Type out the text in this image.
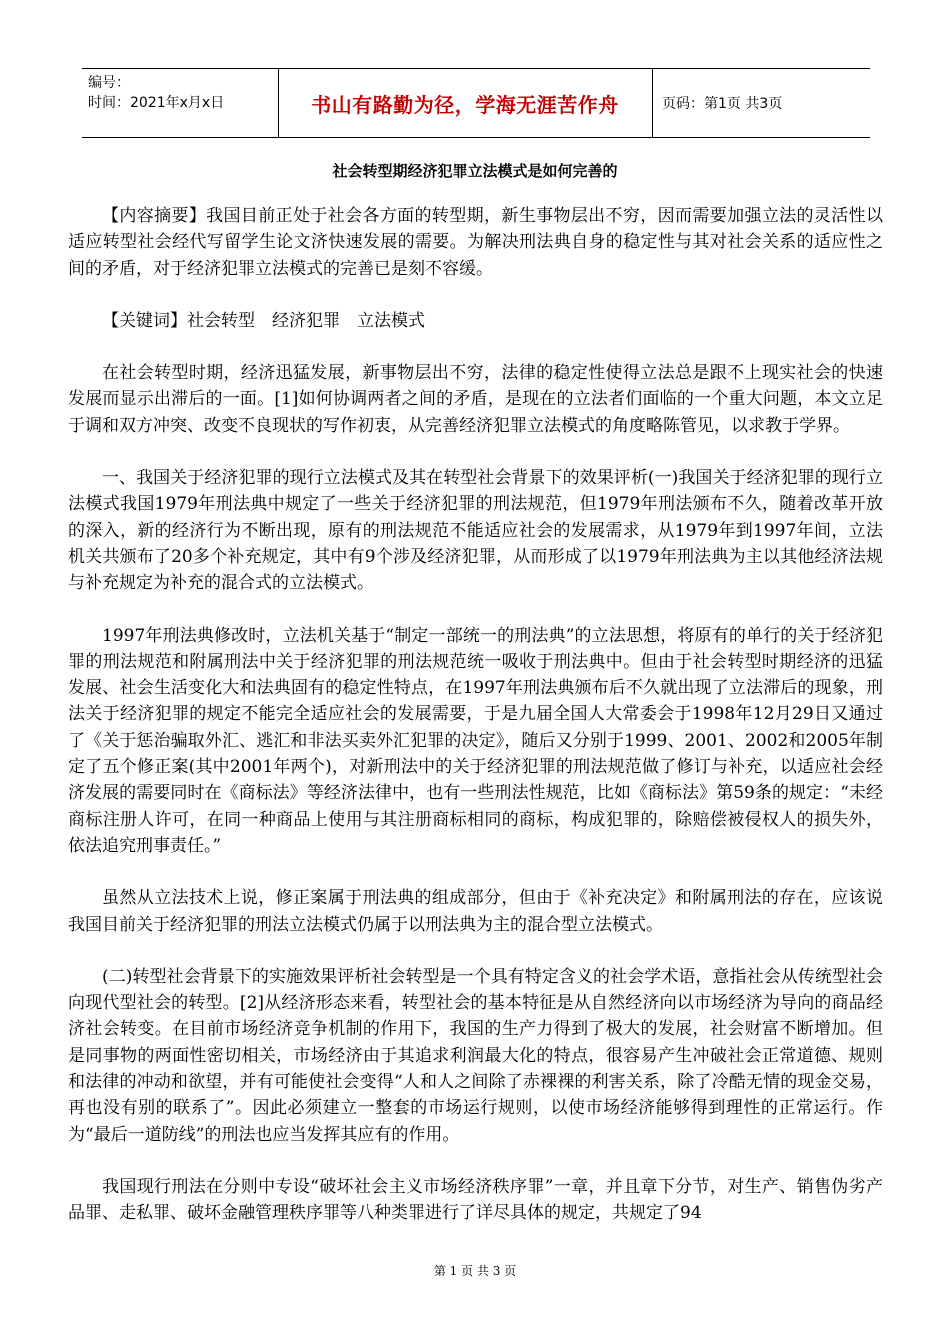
编号：
时间：2021年x月x日	书山有路勤为径，学海无涯苦作舟	页码：第1页 共3页
社会转型期经济犯罪立法模式是如何完善的

【内容摘要】我国目前正处于社会各方面的转型期，新生事物层出不穷，因而需要加强立法的灵活性以适应转型社会经代写留学生论文济快速发展的需要。为解决刑法典自身的稳定性与其对社会关系的适应性之间的矛盾，对于经济犯罪立法模式的完善已是刻不容缓。

【关键词】社会转型　经济犯罪　立法模式

在社会转型时期，经济迅猛发展，新事物层出不穷，法律的稳定性使得立法总是跟不上现实社会的快速发展而显示出滞后的一面。[1]如何协调两者之间的矛盾，是现在的立法者们面临的一个重大问题，本文立足于调和双方冲突、改变不良现状的写作初衷，从完善经济犯罪立法模式的角度略陈管见，以求教于学界。

一、我国关于经济犯罪的现行立法模式及其在转型社会背景下的效果评析(一)我国关于经济犯罪的现行立法模式我国1979年刑法典中规定了一些关于经济犯罪的刑法规范，但1979年刑法颁布不久，随着改革开放的深入，新的经济行为不断出现，原有的刑法规范不能适应社会的发展需求，从1979年到1997年间，立法机关共颁布了20多个补充规定，其中有9个涉及经济犯罪，从而形成了以1979年刑法典为主以其他经济法规与补充规定为补充的混合式的立法模式。

1997年刑法典修改时，立法机关基于“制定一部统一的刑法典”的立法思想，将原有的单行的关于经济犯罪的刑法规范和附属刑法中关于经济犯罪的刑法规范统一吸收于刑法典中。但由于社会转型时期经济的迅猛发展、社会生活变化大和法典固有的稳定性特点，在1997年刑法典颁布后不久就出现了立法滞后的现象，刑法关于经济犯罪的规定不能完全适应社会的发展需要，于是九届全国人大常委会于1998年12月29日又通过了《关于惩治骗取外汇、逃汇和非法买卖外汇犯罪的决定》，随后又分别于1999、2001、2002和2005年制定了五个修正案(其中2001年两个)，对新刑法中的关于经济犯罪的刑法规范做了修订与补充，以适应社会经济发展的需要同时在《商标法》等经济法律中，也有一些刑法性规范，比如《商标法》第59条的规定：“未经商标注册人许可，在同一种商品上使用与其注册商标相同的商标，构成犯罪的，除赔偿被侵权人的损失外，依法追究刑事责任。”

虽然从立法技术上说，修正案属于刑法典的组成部分，但由于《补充决定》和附属刑法的存在，应该说我国目前关于经济犯罪的刑法立法模式仍属于以刑法典为主的混合型立法模式。

(二)转型社会背景下的实施效果评析社会转型是一个具有特定含义的社会学术语，意指社会从传统型社会向现代型社会的转型。[2]从经济形态来看，转型社会的基本特征是从自然经济向以市场经济为导向的商品经济社会转变。在目前市场经济竞争机制的作用下，我国的生产力得到了极大的发展，社会财富不断增加。但是同事物的两面性密切相关，市场经济由于其追求利润最大化的特点，很容易产生冲破社会正常道德、规则和法律的冲动和欲望，并有可能使社会变得“人和人之间除了赤裸裸的利害关系，除了冷酷无情的现金交易，再也没有别的联系了”。因此必须建立一整套的市场运行规则，以使市场经济能够得到理性的正常运行。作为“最后一道防线”的刑法也应当发挥其应有的作用。

我国现行刑法在分则中专设“破坏社会主义市场经济秩序罪”一章，并且章下分节，对生产、销售伪劣产品罪、走私罪、破坏金融管理秩序罪等八种类罪进行了详尽具体的规定，共规定了94

第 1 页 共 3 页
